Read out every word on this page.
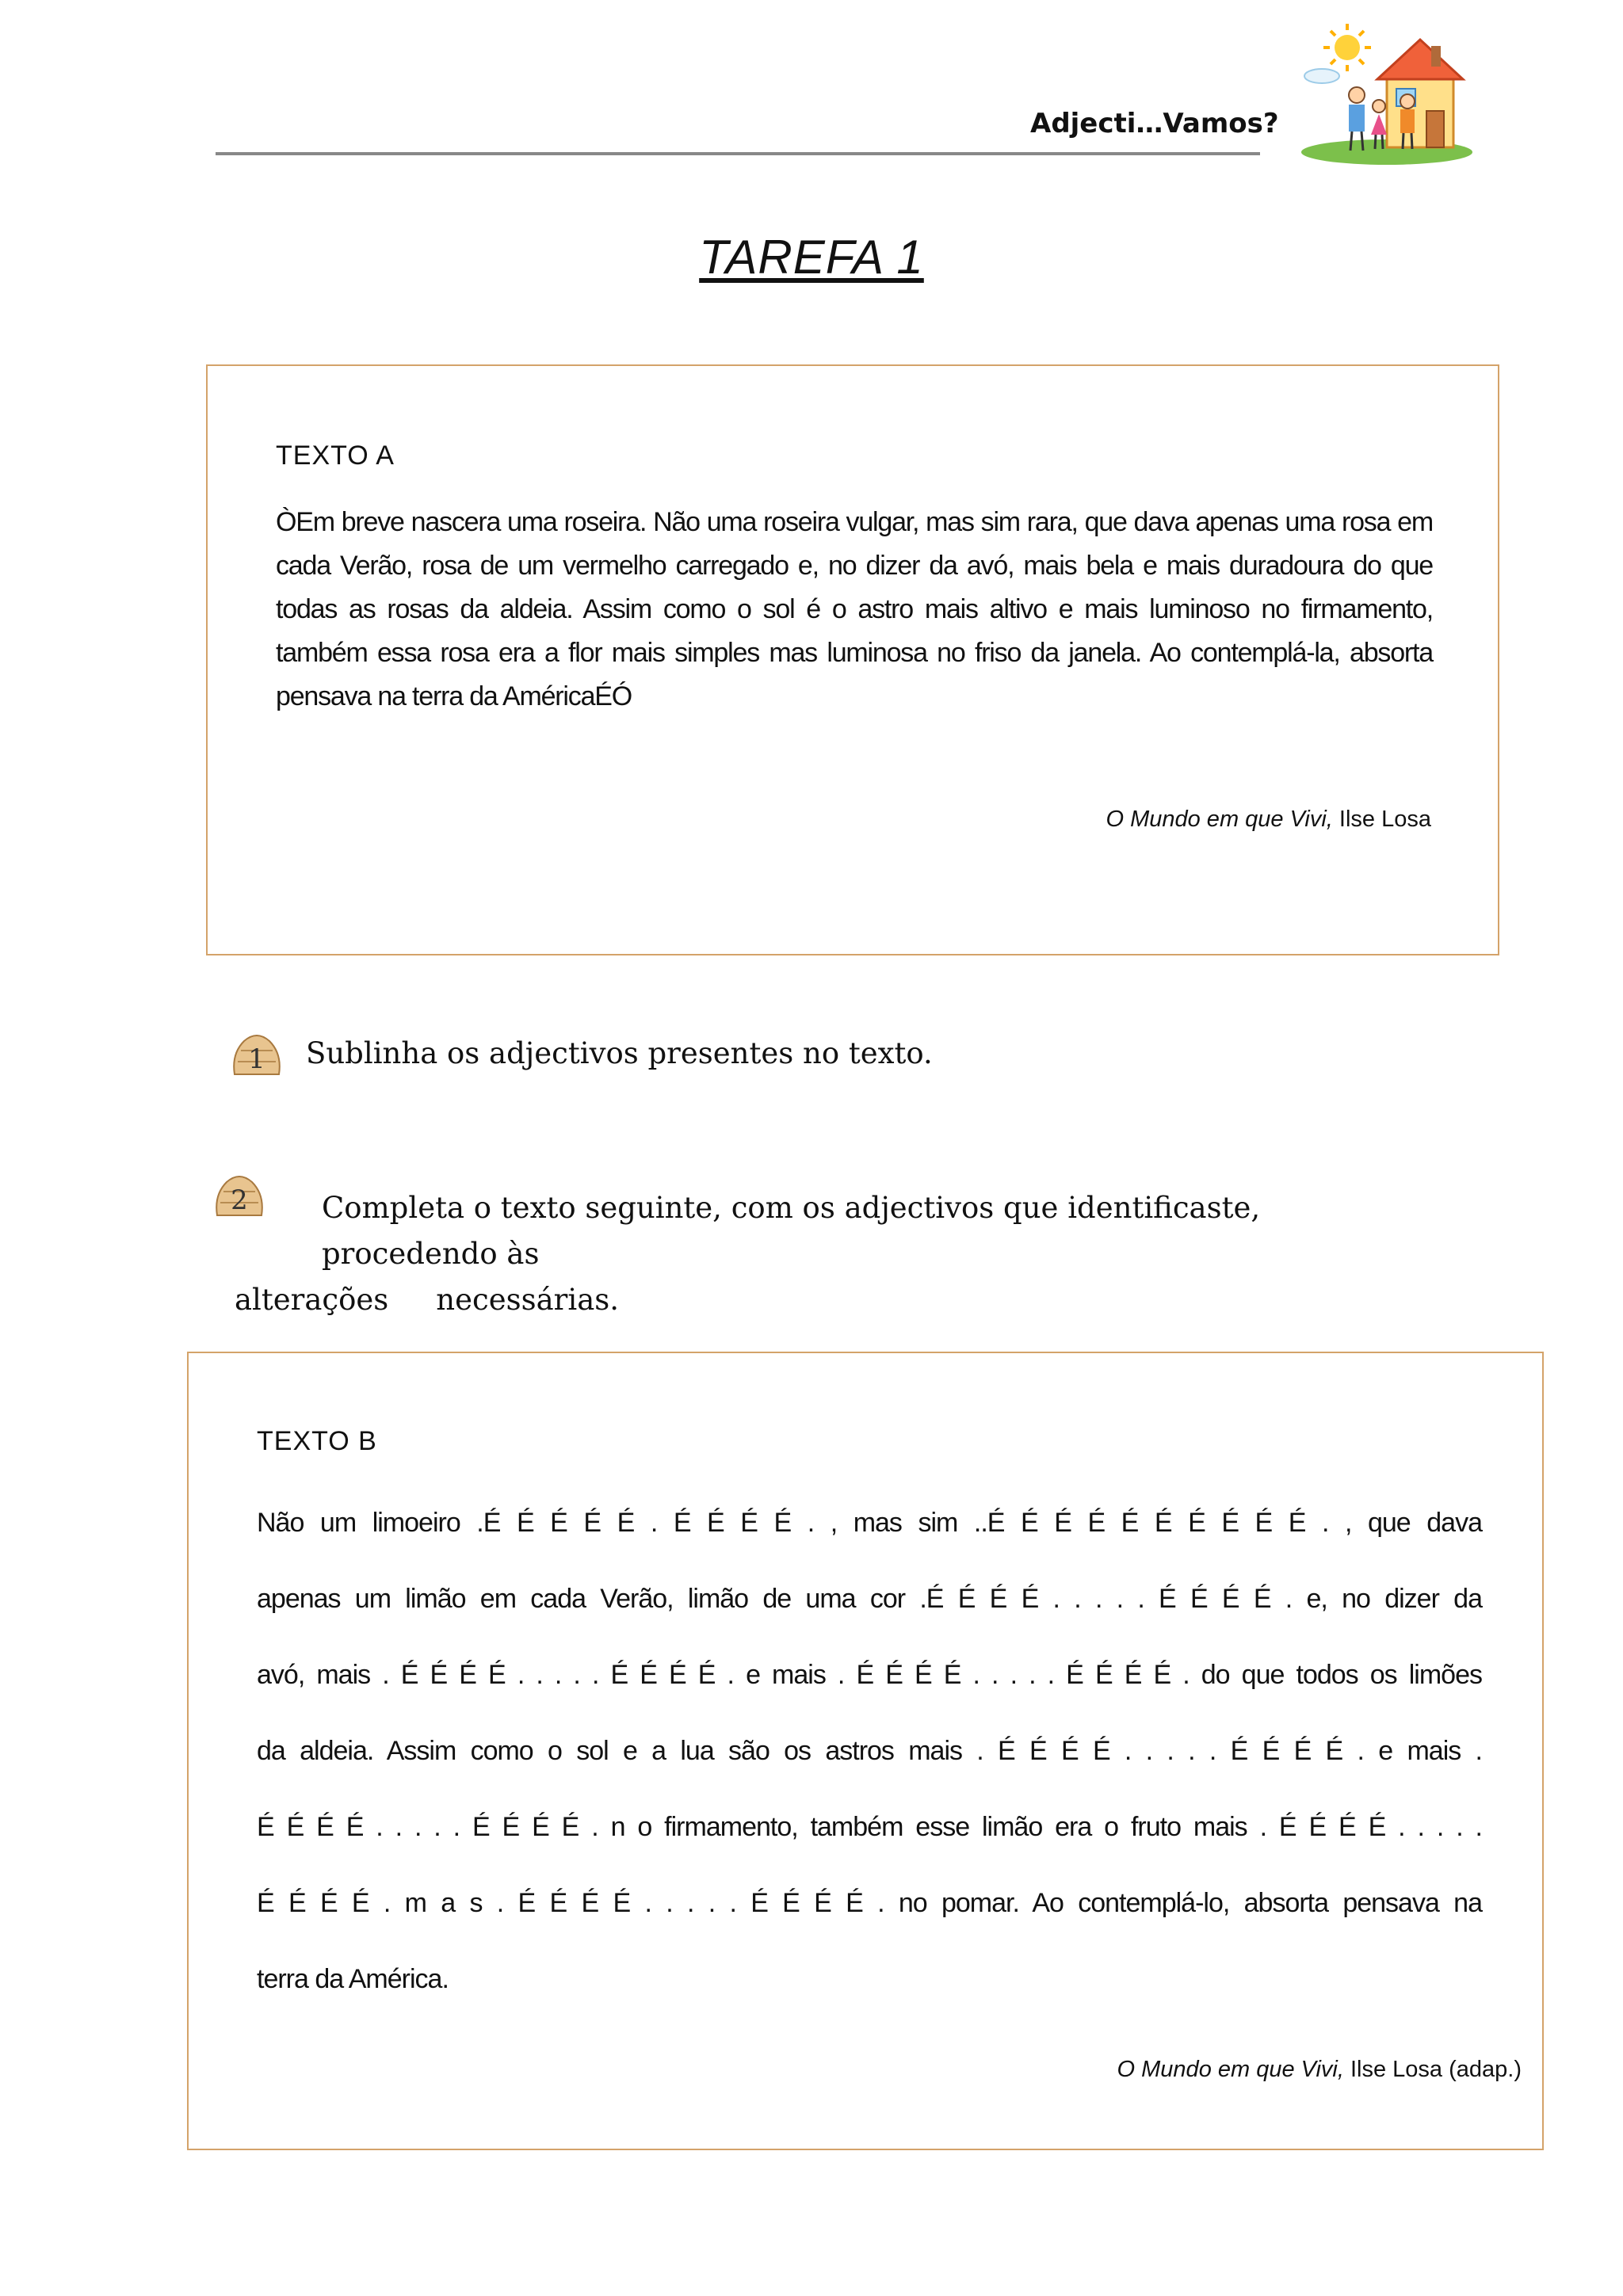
Adjecti…Vamos?
TAREFA 1
TEXTO A
ÒEm breve nascera uma roseira. Não uma roseira vulgar, mas sim rara, que dava apenas uma rosa em cada Verão, rosa de um vermelho carregado e, no dizer da avó, mais bela e mais duradoura do que todas as rosas da aldeia. Assim como o sol é o astro mais altivo e mais luminoso no firmamento, também essa rosa era a flor mais simples mas luminosa no friso da janela. Ao contemplá-la, absorta pensava na terra da AméricaÉÓ
O Mundo em que Vivi, Ilse Losa
1 Sublinha os adjectivos presentes no texto.
2	Completa o texto seguinte, com os adjectivos que identificaste, procedendo às
alterações necessárias.
TEXTO B
Não um limoeiro .É É É É É . É É É É . , mas sim ..É É É É É É É É É É . , que dava
apenas um limão em cada Verão, limão de uma cor .É É É É . . . . . É É É É . e, no dizer da
avó, mais . É É É É . . . . . É É É É . e mais . É É É É . . . . . É É É É . do que todos os limões
da aldeia. Assim como o sol e a lua são os astros mais . É É É É . . . . . É É É É . e mais .
É É É É . . . . . É É É É . n o firmamento, também esse limão era o fruto mais . É É É É . . . . .
É É É É . m a s . É É É É . . . . . É É É É . no pomar. Ao contemplá-lo, absorta pensava na
terra da América.
O Mundo em que Vivi, Ilse Losa (adap.)
